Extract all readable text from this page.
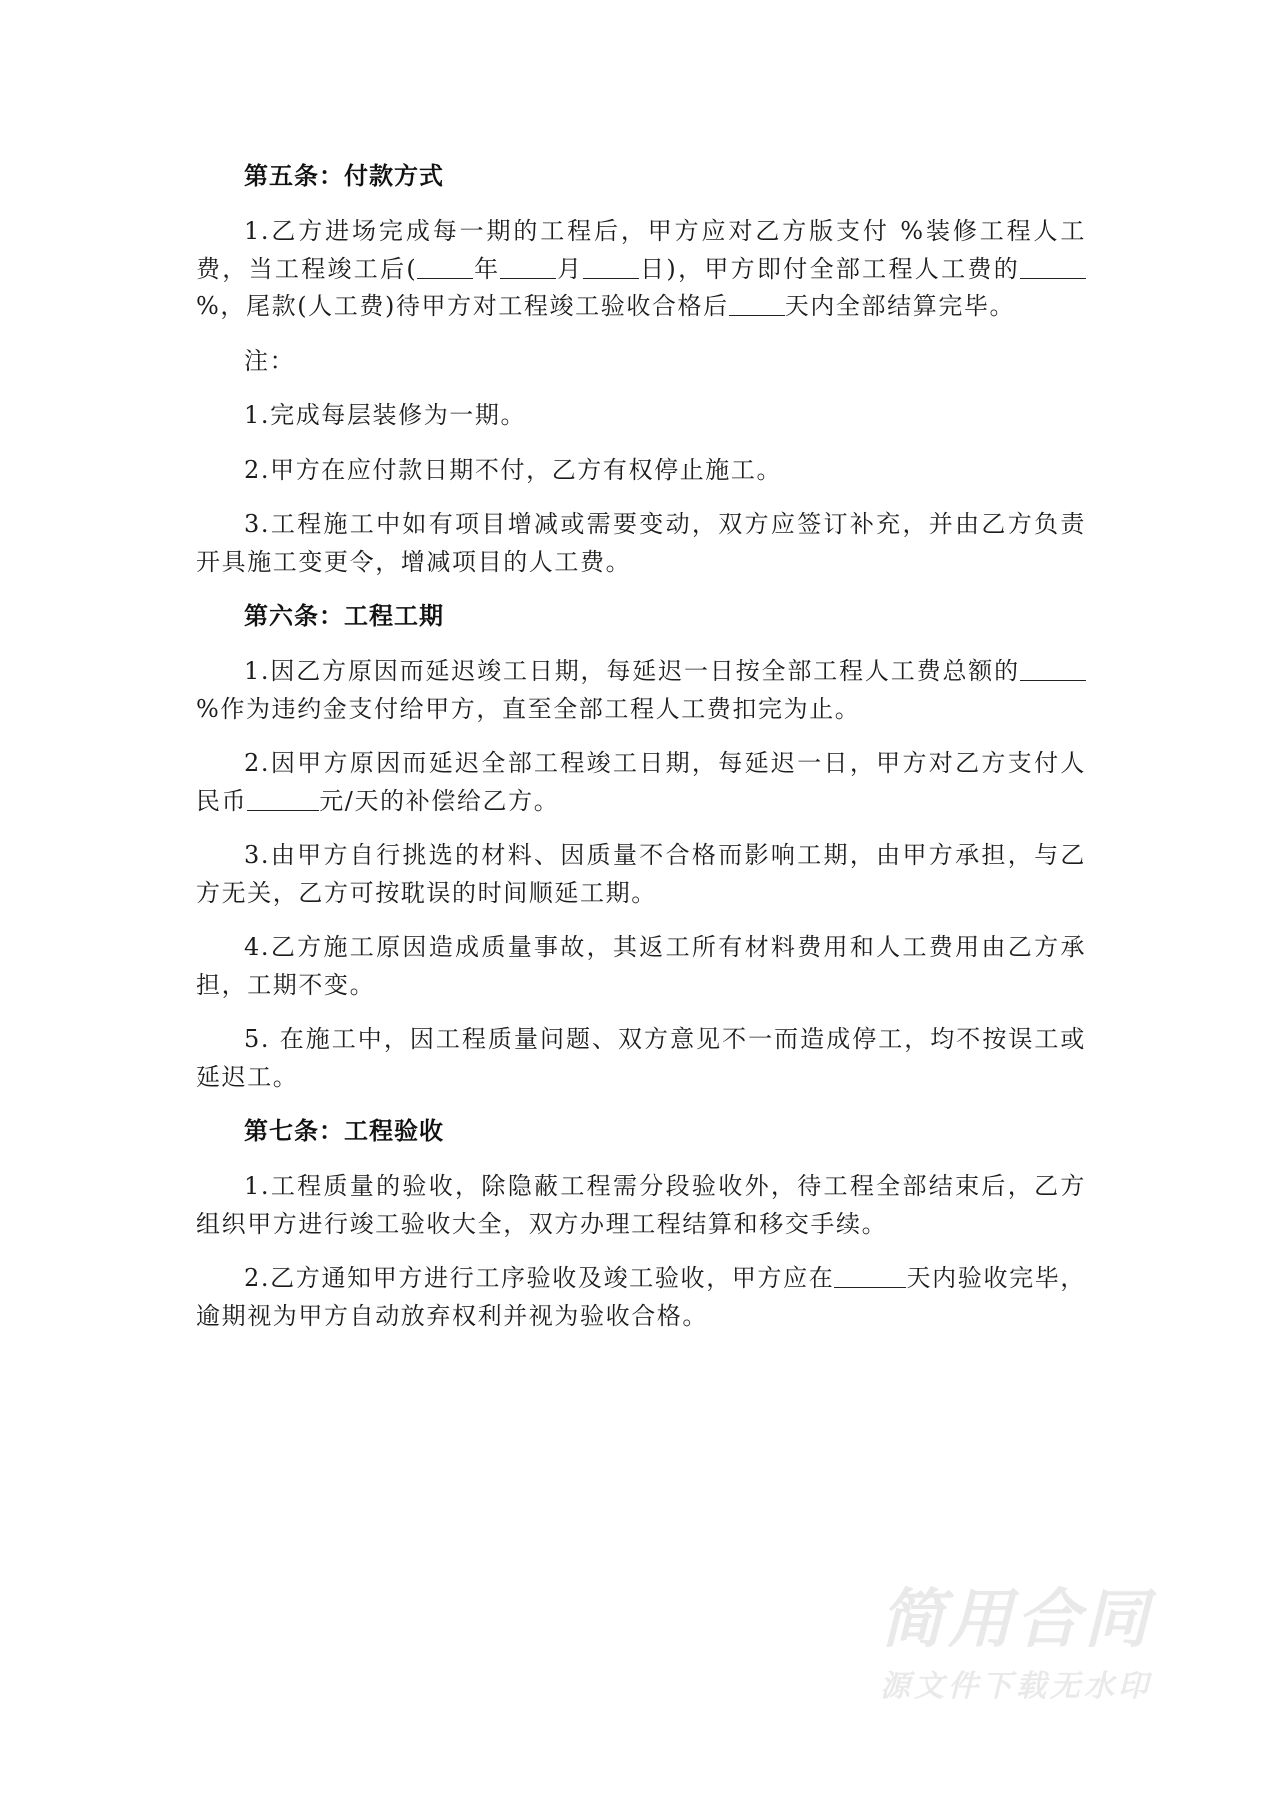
第五条：付款方式

1.乙方进场完成每一期的工程后，甲方应对乙方版支付 %装修工程人工费，当工程竣工后( 年 月 日)，甲方即付全部工程人工费的%，尾款(人工费)待甲方对工程竣工验收合格后 天内全部结算完毕。

注：

1.完成每层装修为一期。

2.甲方在应付款日期不付，乙方有权停止施工。

3.工程施工中如有项目增减或需要变动，双方应签订补充，并由乙方负责开具施工变更令，增减项目的人工费。

第六条：工程工期

1.因乙方原因而延迟竣工日期，每延迟一日按全部工程人工费总额的%作为违约金支付给甲方，直至全部工程人工费扣完为止。

2.因甲方原因而延迟全部工程竣工日期，每延迟一日，甲方对乙方支付人民币	元/天的补偿给乙方。

3.由甲方自行挑选的材料、因质量不合格而影响工期，由甲方承担，与乙方无关，乙方可按耽误的时间顺延工期。

4.乙方施工原因造成质量事故，其返工所有材料费用和人工费用由乙方承担，工期不变。

5. 在施工中，因工程质量问题、双方意见不一而造成停工，均不按误工或延迟工。

第七条：工程验收

1.工程质量的验收，除隐蔽工程需分段验收外，待工程全部结束后，乙方组织甲方进行竣工验收大全，双方办理工程结算和移交手续。

2.乙方通知甲方进行工序验收及竣工验收，甲方应在	天内验收完毕，逾期视为甲方自动放弃权利并视为验收合格。

简用合同
源文件下载无水印
